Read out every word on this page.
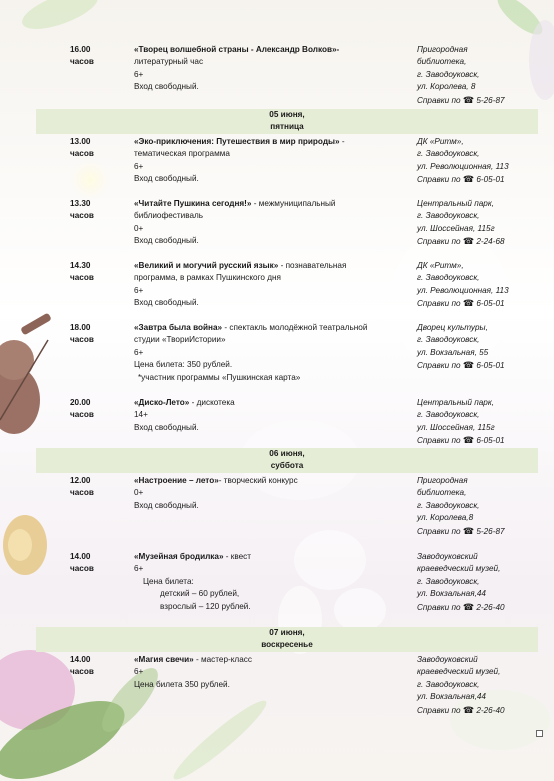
16.00
часов
«Творец волшебной страны - Александр Волков»-
литературный час
6+
Вход свободный.
Пригородная
библиотека,
г. Заводоуковск,
ул. Королева, 8
Справки по ☎ 5-26-87
05 июня,
пятница
13.00
часов
«Эко-приключения: Путешествия в мир природы» -
тематическая программа
6+
Вход свободный.
ДК «Ритм»,
г. Заводоуковск,
ул. Революционная, 113
Справки по ☎ 6-05-01
13.30
часов
«Читайте Пушкина сегодня!» - межмуниципальный
библиофестиваль
0+
Вход свободный.
Центральный парк,
г. Заводоуковск,
ул. Шоссейная, 115г
Справки по ☎ 2-24-68
14.30
часов
«Великий и могучий русский язык» - познавательная
программа, в рамках Пушкинского дня
6+
Вход свободный.
ДК «Ритм»,
г. Заводоуковск,
ул. Революционная, 113
Справки по ☎ 6-05-01
18.00
часов
«Завтра была война» - спектакль молодёжной театральной
студии «ТвориИстории»
6+
Цена билета: 350 рублей.
*участник программы «Пушкинская карта»
Дворец культуры,
г. Заводоуковск,
ул. Вокзальная, 55
Справки по ☎ 6-05-01
20.00
часов
«Диско-Лето» - дискотека
14+
Вход свободный.
Центральный парк,
г. Заводоуковск,
ул. Шоссейная, 115г
Справки по ☎ 6-05-01
06 июня,
суббота
12.00
часов
«Настроение – лето»- творческий конкурс
0+
Вход свободный.
Пригородная
библиотека,
г. Заводоуковск,
ул. Королева,8
Справки по ☎ 5-26-87
14.00
часов
«Музейная бродилка» - квест
6+
Цена билета:
детский – 60 рублей,
взрослый – 120 рублей.
Заводоуковский
краеведческий музей,
г. Заводоуковск,
ул. Вокзальная,44
Справки по ☎ 2-26-40
07 июня,
воскресенье
14.00
часов
«Магия свечи» - мастер-класс
6+
Цена билета 350 рублей.
Заводоуковский
краеведческий музей,
г. Заводоуковск,
ул. Вокзальная,44
Справки по ☎ 2-26-40
